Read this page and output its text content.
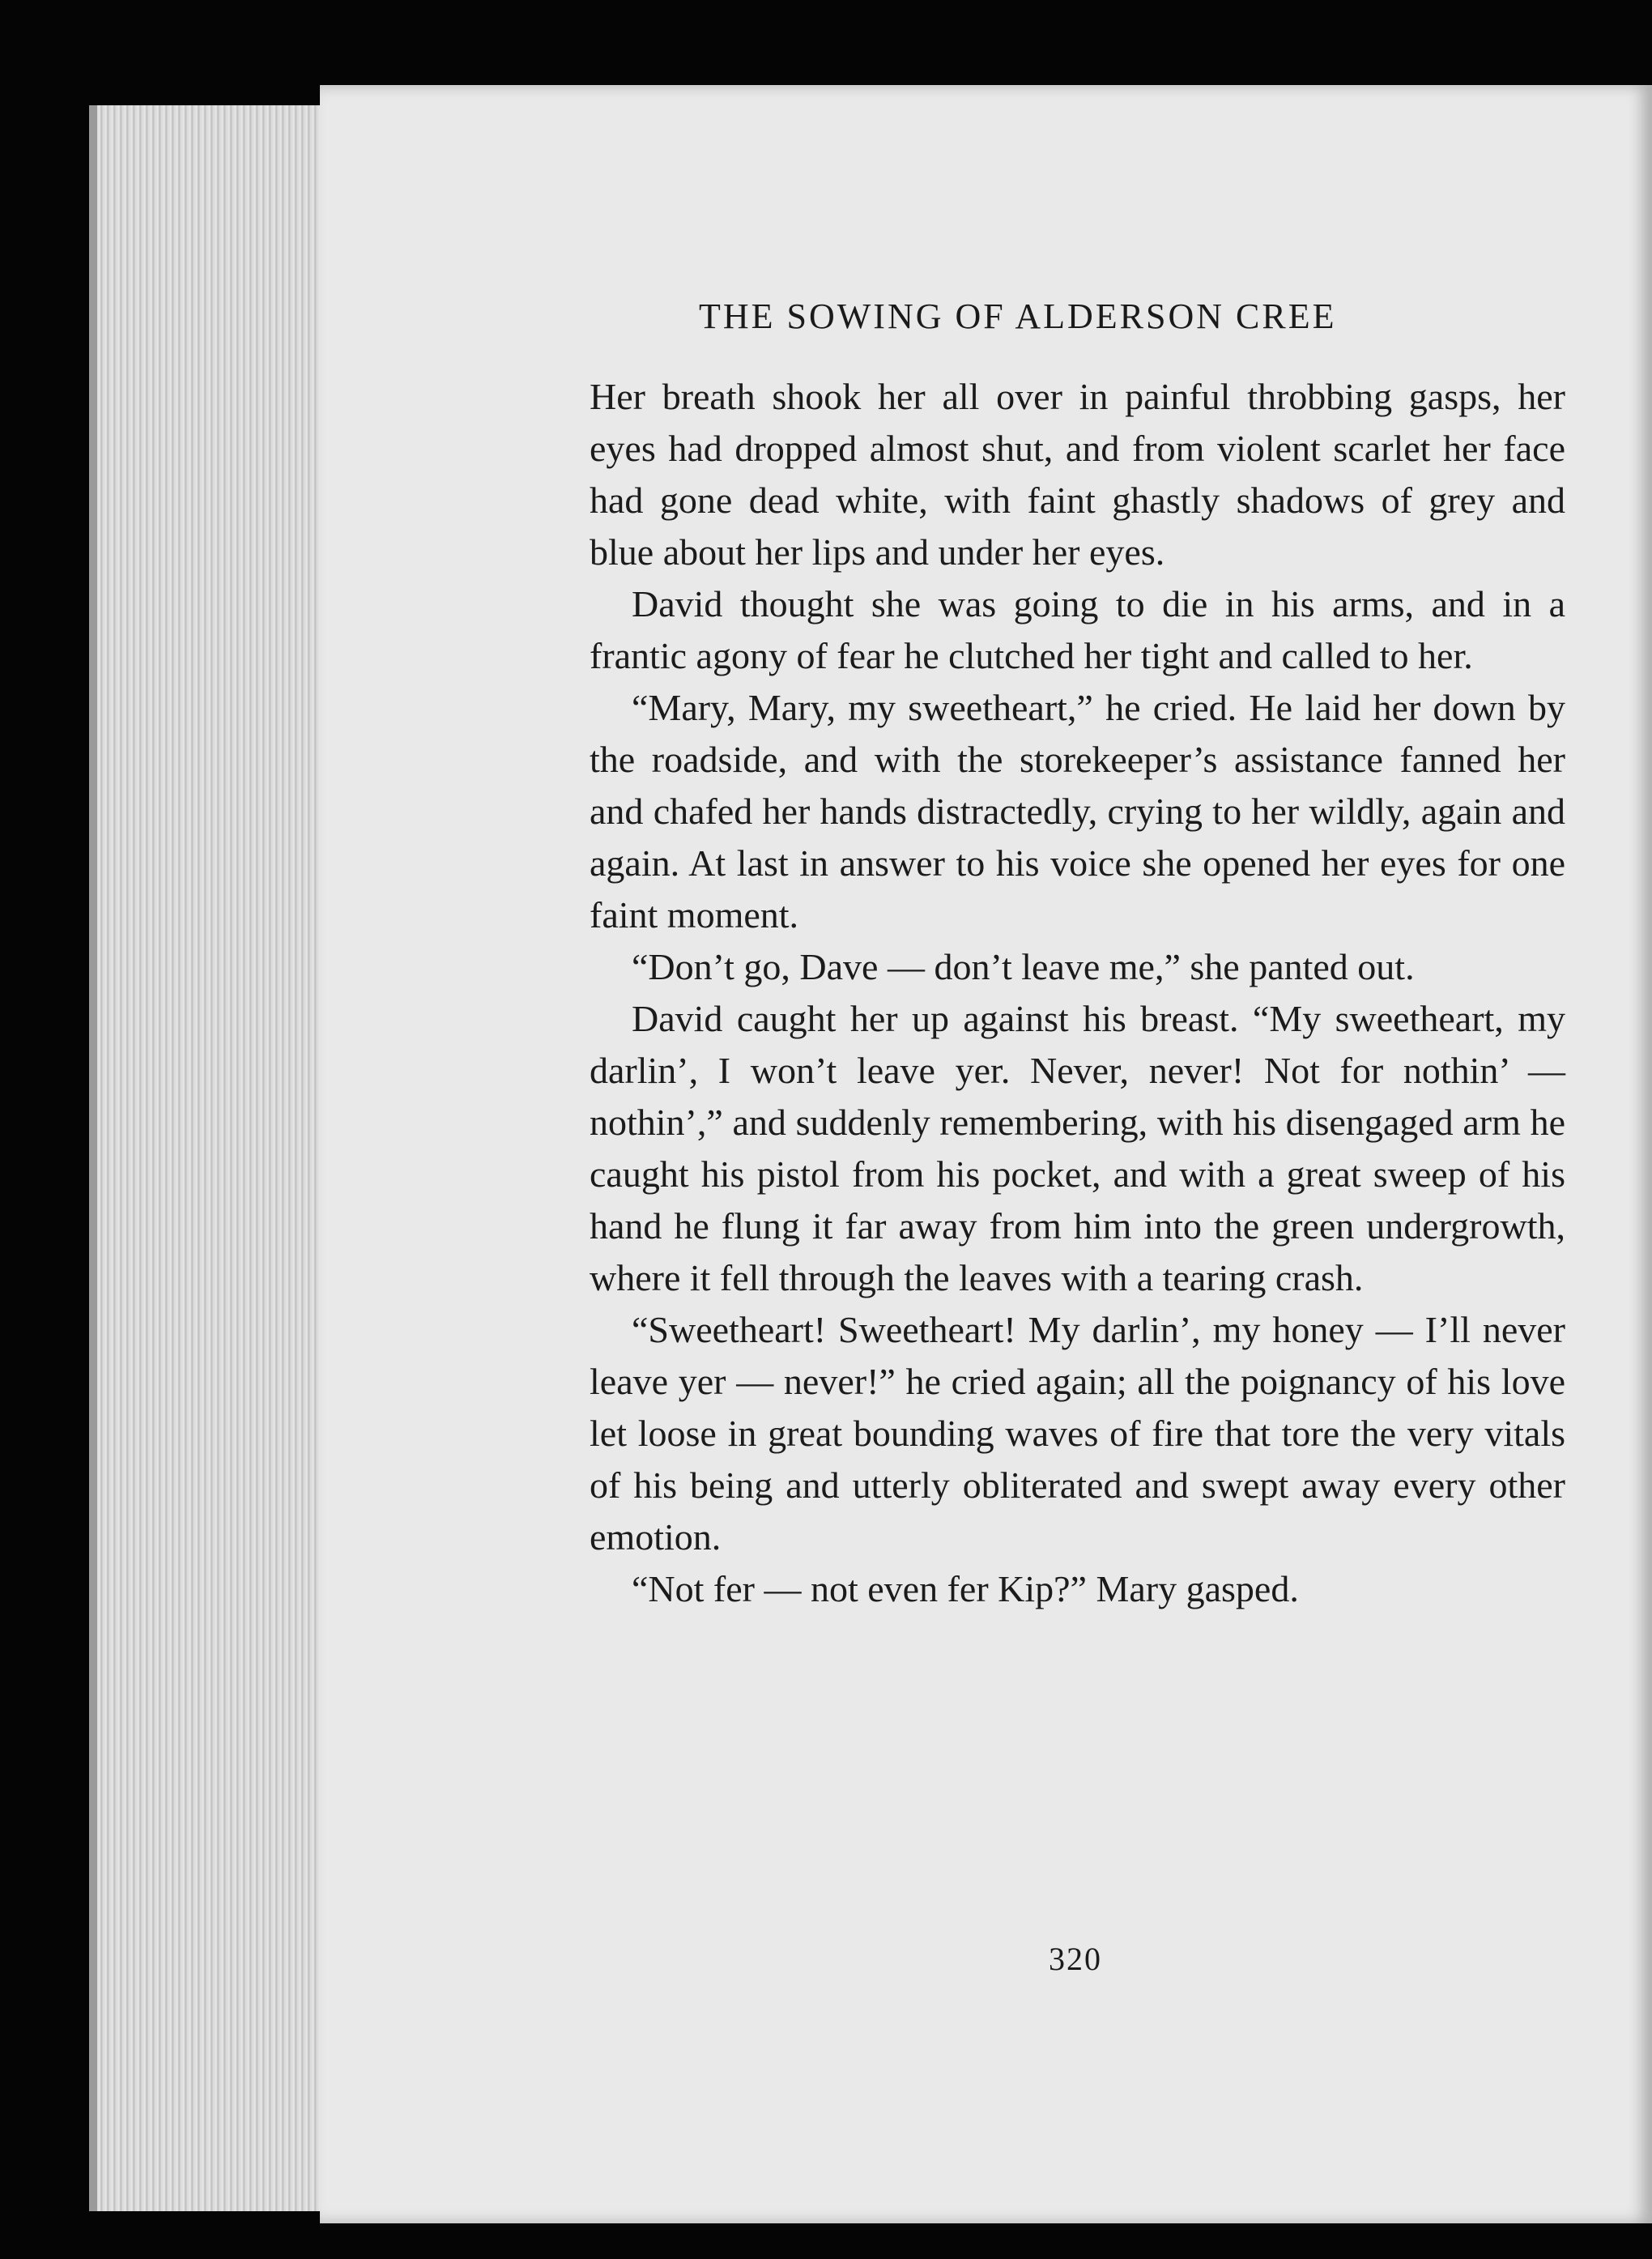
THE SOWING OF ALDERSON CREE

Her breath shook her all over in painful throbbing gasps, her eyes had dropped almost shut, and from violent scarlet her face had gone dead white, with faint ghastly shadows of grey and blue about her lips and under her eyes.

David thought she was going to die in his arms, and in a frantic agony of fear he clutched her tight and called to her.

“Mary, Mary, my sweetheart,” he cried. He laid her down by the roadside, and with the storekeeper’s assistance fanned her and chafed her hands distractedly, crying to her wildly, again and again. At last in answer to his voice she opened her eyes for one faint moment.

“Don’t go, Dave — don’t leave me,” she panted out.

David caught her up against his breast. “My sweetheart, my darlin’, I won’t leave yer. Never, never! Not for nothin’ — nothin’,” and suddenly remembering, with his disengaged arm he caught his pistol from his pocket, and with a great sweep of his hand he flung it far away from him into the green undergrowth, where it fell through the leaves with a tearing crash.

“Sweetheart! Sweetheart! My darlin’, my honey — I’ll never leave yer — never!” he cried again; all the poignancy of his love let loose in great bounding waves of fire that tore the very vitals of his being and utterly obliterated and swept away every other emotion.

“Not fer — not even fer Kip?” Mary gasped.

320
